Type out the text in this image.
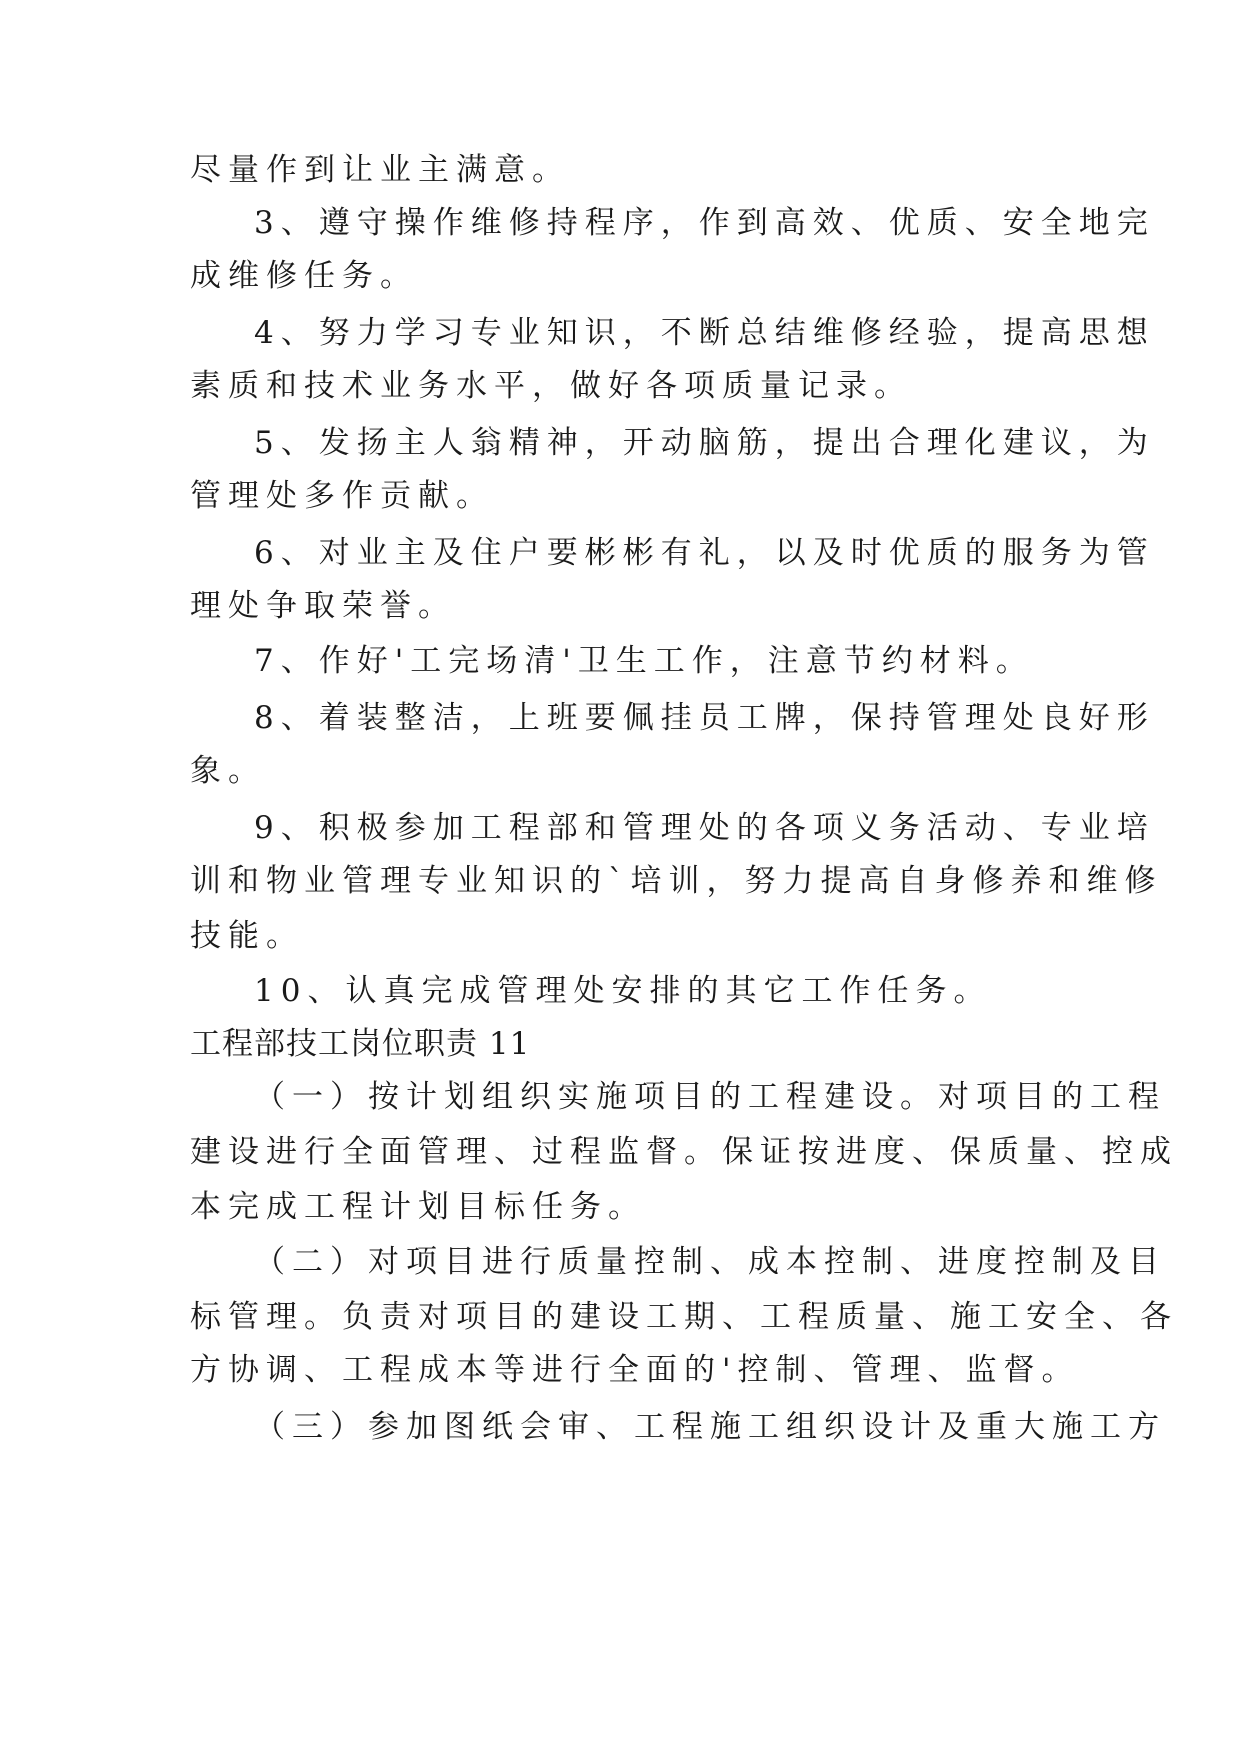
尽量作到让业主满意。
3、遵守操作维修持程序，作到高效、优质、安全地完
成维修任务。
4、努力学习专业知识，不断总结维修经验，提高思想
素质和技术业务水平，做好各项质量记录。
5、发扬主人翁精神，开动脑筋，提出合理化建议，为
管理处多作贡献。
6、对业主及住户要彬彬有礼，以及时优质的服务为管
理处争取荣誉。
7、作好'工完场清'卫生工作，注意节约材料。
8、着装整洁，上班要佩挂员工牌，保持管理处良好形
象。
9、积极参加工程部和管理处的各项义务活动、专业培
训和物业管理专业知识的`培训，努力提高自身修养和维修
技能。
10、认真完成管理处安排的其它工作任务。
工程部技工岗位职责 11
（一）按计划组织实施项目的工程建设。对项目的工程
建设进行全面管理、过程监督。保证按进度、保质量、控成
本完成工程计划目标任务。
（二）对项目进行质量控制、成本控制、进度控制及目
标管理。负责对项目的建设工期、工程质量、施工安全、各
方协调、工程成本等进行全面的'控制、管理、监督。
（三）参加图纸会审、工程施工组织设计及重大施工方
